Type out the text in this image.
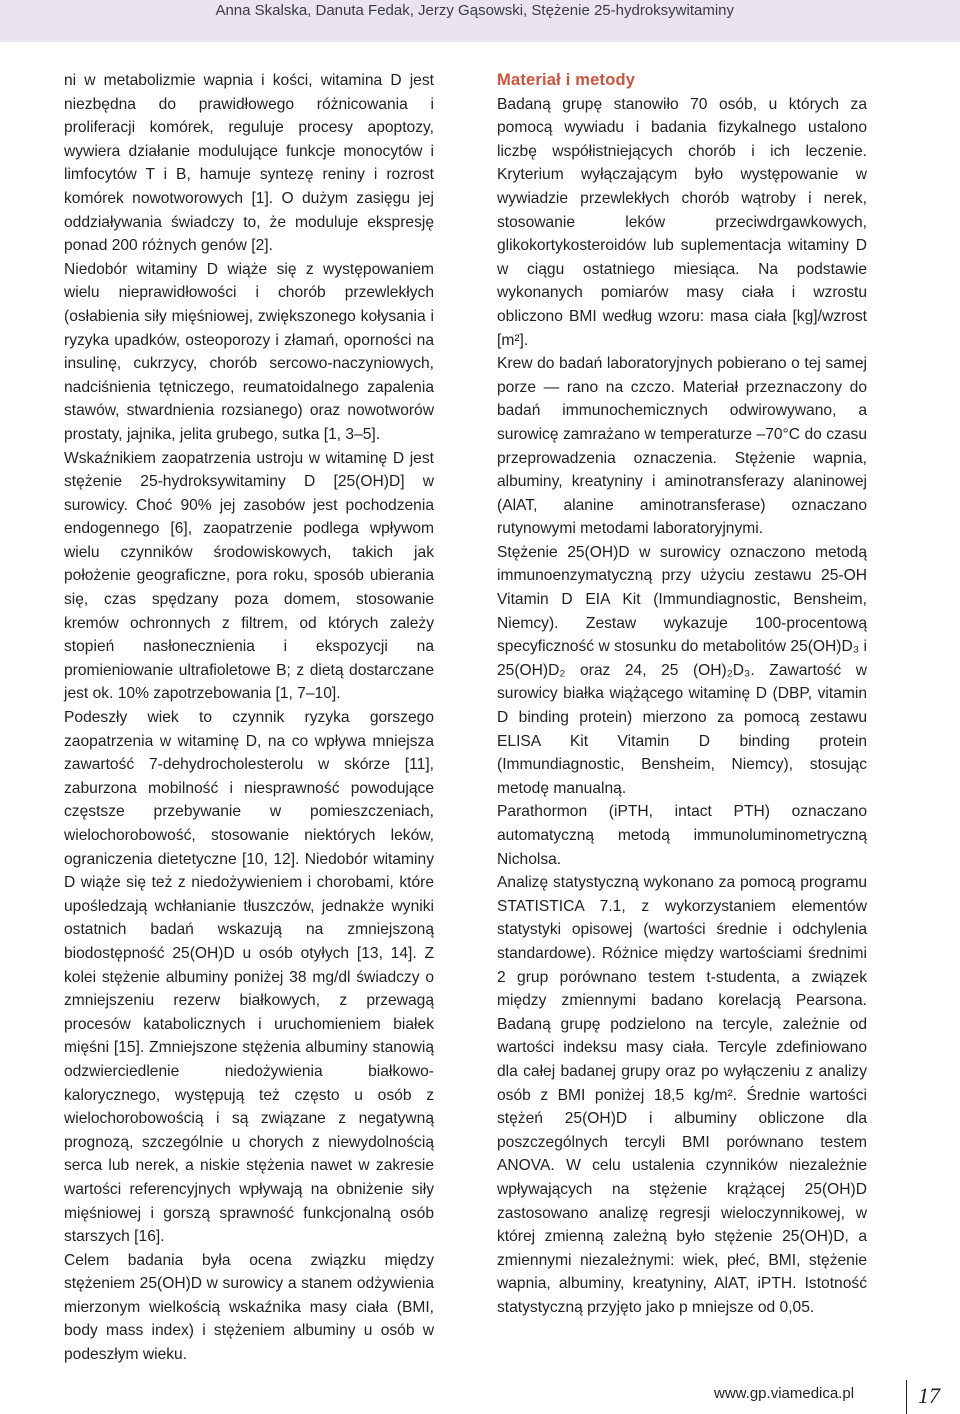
Anna Skalska, Danuta Fedak, Jerzy Gąsowski, Stężenie 25-hydroksywitaminy

ni w metabolizmie wapnia i kości, witamina D jest niezbędna do prawidłowego różnicowania i proliferacji komórek, reguluje procesy apoptozy, wywiera działanie modulujące funkcje monocytów i limfocytów T i B, hamuje syntezę reniny i rozrost komórek nowotworowych [1]. O dużym zasięgu jej oddziaływania świadczy to, że moduluje ekspresję ponad 200 różnych genów [2].

Niedobór witaminy D wiąże się z występowaniem wielu nieprawidłowości i chorób przewlekłych (osłabienia siły mięśniowej, zwiększonego kołysania i ryzyka upadków, osteoporozy i złamań, oporności na insulinę, cukrzycy, chorób sercowo-naczyniowych, nadciśnienia tętniczego, reumatoidalnego zapalenia stawów, stwardnienia rozsianego) oraz nowotworów prostaty, jajnika, jelita grubego, sutka [1, 3–5].

Wskaźnikiem zaopatrzenia ustroju w witaminę D jest stężenie 25-hydroksywitaminy D [25(OH)D] w surowicy. Choć 90% jej zasobów jest pochodzenia endogennego [6], zaopatrzenie podlega wpływom wielu czynników środowiskowych, takich jak położenie geograficzne, pora roku, sposób ubierania się, czas spędzany poza domem, stosowanie kremów ochronnych z filtrem, od których zależy stopień nasłonecznienia i ekspozycji na promieniowanie ultrafioletowe B; z dietą dostarczane jest ok. 10% zapotrzebowania [1, 7–10].

Podeszły wiek to czynnik ryzyka gorszego zaopatrzenia w witaminę D, na co wpływa mniejsza zawartość 7-dehydrocholesterolu w skórze [11], zaburzona mobilność i niesprawność powodujące częstsze przebywanie w pomieszczeniach, wielochorobowość, stosowanie niektórych leków, ograniczenia dietetyczne [10, 12]. Niedobór witaminy D wiąże się też z niedożywieniem i chorobami, które upośledzają wchłanianie tłuszczów, jednakże wyniki ostatnich badań wskazują na zmniejszoną biodostępność 25(OH)D u osób otyłych [13, 14]. Z kolei stężenie albuminy poniżej 38 mg/dl świadczy o zmniejszeniu rezerw białkowych, z przewagą procesów katabolicznych i uruchomieniem białek mięśni [15]. Zmniejszone stężenia albuminy stanowią odzwierciedlenie niedożywienia białkowo-kalorycznego, występują też często u osób z wielochorobowością i są związane z negatywną prognozą, szczególnie u chorych z niewydolnością serca lub nerek, a niskie stężenia nawet w zakresie wartości referencyjnych wpływają na obniżenie siły mięśniowej i gorszą sprawność funkcjonalną osób starszych [16].

Celem badania była ocena związku między stężeniem 25(OH)D w surowicy a stanem odżywienia mierzonym wielkością wskaźnika masy ciała (BMI, body mass index) i stężeniem albuminy u osób w podeszłym wieku.

Materiał i metody

Badaną grupę stanowiło 70 osób, u których za pomocą wywiadu i badania fizykalnego ustalono liczbę współistniejących chorób i ich leczenie. Kryterium wyłączającym było występowanie w wywiadzie przewlekłych chorób wątroby i nerek, stosowanie leków przeciwdrgawkowych, glikokortykosteroidów lub suplementacja witaminy D w ciągu ostatniego miesiąca. Na podstawie wykonanych pomiarów masy ciała i wzrostu obliczono BMI według wzoru: masa ciała [kg]/wzrost [m²].

Krew do badań laboratoryjnych pobierano o tej samej porze — rano na czczo. Materiał przeznaczony do badań immunochemicznych odwirowywano, a surowicę zamrażano w temperaturze –70°C do czasu przeprowadzenia oznaczenia. Stężenie wapnia, albuminy, kreatyniny i aminotransferazy alaninowej (AlAT, alanine aminotransferase) oznaczano rutynowymi metodami laboratoryjnymi.

Stężenie 25(OH)D w surowicy oznaczono metodą immunoenzymatyczną przy użyciu zestawu 25-OH Vitamin D EIA Kit (Immundiagnostic, Bensheim, Niemcy). Zestaw wykazuje 100-procentową specyficzność w stosunku do metabolitów 25(OH)D₃ i 25(OH)D₂ oraz 24, 25 (OH)₂D₃. Zawartość w surowicy białka wiążącego witaminę D (DBP, vitamin D binding protein) mierzono za pomocą zestawu ELISA Kit Vitamin D binding protein (Immundiagnostic, Bensheim, Niemcy), stosując metodę manualną.

Parathormon (iPTH, intact PTH) oznaczano automatyczną metodą immunoluminometryczną Nicholsa.

Analizę statystyczną wykonano za pomocą programu STATISTICA 7.1, z wykorzystaniem elementów statystyki opisowej (wartości średnie i odchylenia standardowe). Różnice między wartościami średnimi 2 grup porównano testem t-studenta, a związek między zmiennymi badano korelacją Pearsona. Badaną grupę podzielono na tercyle, zależnie od wartości indeksu masy ciała. Tercyle zdefiniowano dla całej badanej grupy oraz po wyłączeniu z analizy osób z BMI poniżej 18,5 kg/m². Średnie wartości stężeń 25(OH)D i albuminy obliczone dla poszczególnych tercyli BMI porównano testem ANOVA. W celu ustalenia czynników niezależnie wpływających na stężenie krążącej 25(OH)D zastosowano analizę regresji wieloczynnikowej, w której zmienną zależną było stężenie 25(OH)D, a zmiennymi niezależnymi: wiek, płeć, BMI, stężenie wapnia, albuminy, kreatyniny, AlAT, iPTH. Istotność statystyczną przyjęto jako p mniejsze od 0,05.

www.gp.viamedica.pl	17
